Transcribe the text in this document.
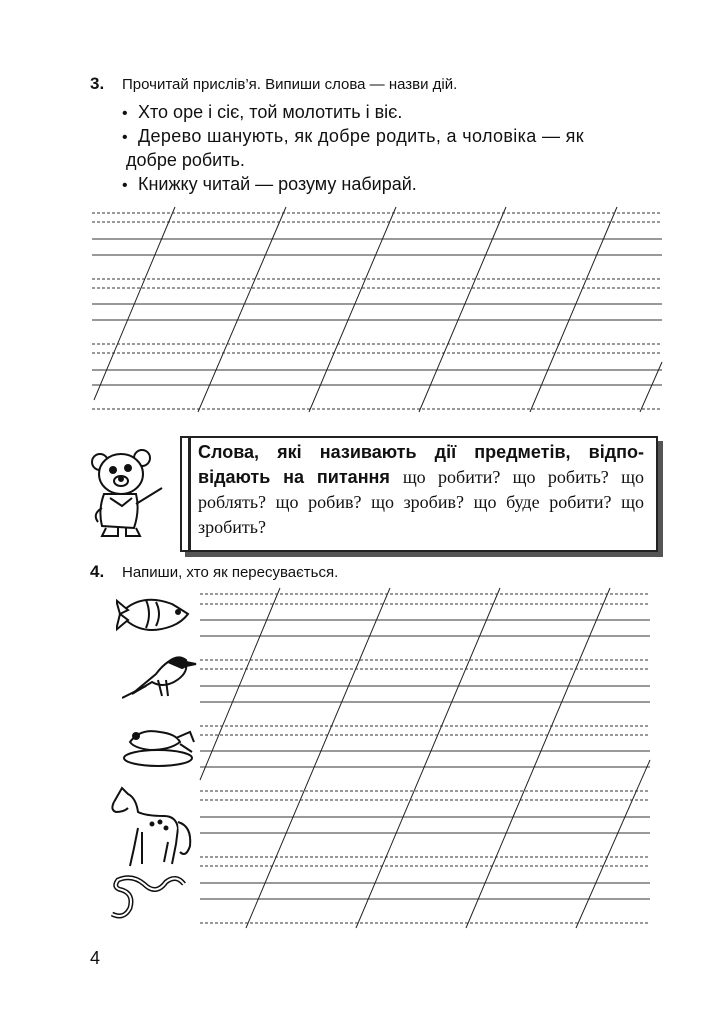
3. Прочитай прислів’я. Випиши слова — назви дій.
• Хто оре і сіє, той молотить і віє.
• Дерево шанують, як добре родить, а чоловіка — як
добре робить.
• Книжку читай — розуму набирай.
Слова, які називають дії предметів, відповідають на питання що робити? що робить? що роблять? що робив? що зробив? що буде робити? що зробить?
4. Напиши, хто як пересувається.
4
